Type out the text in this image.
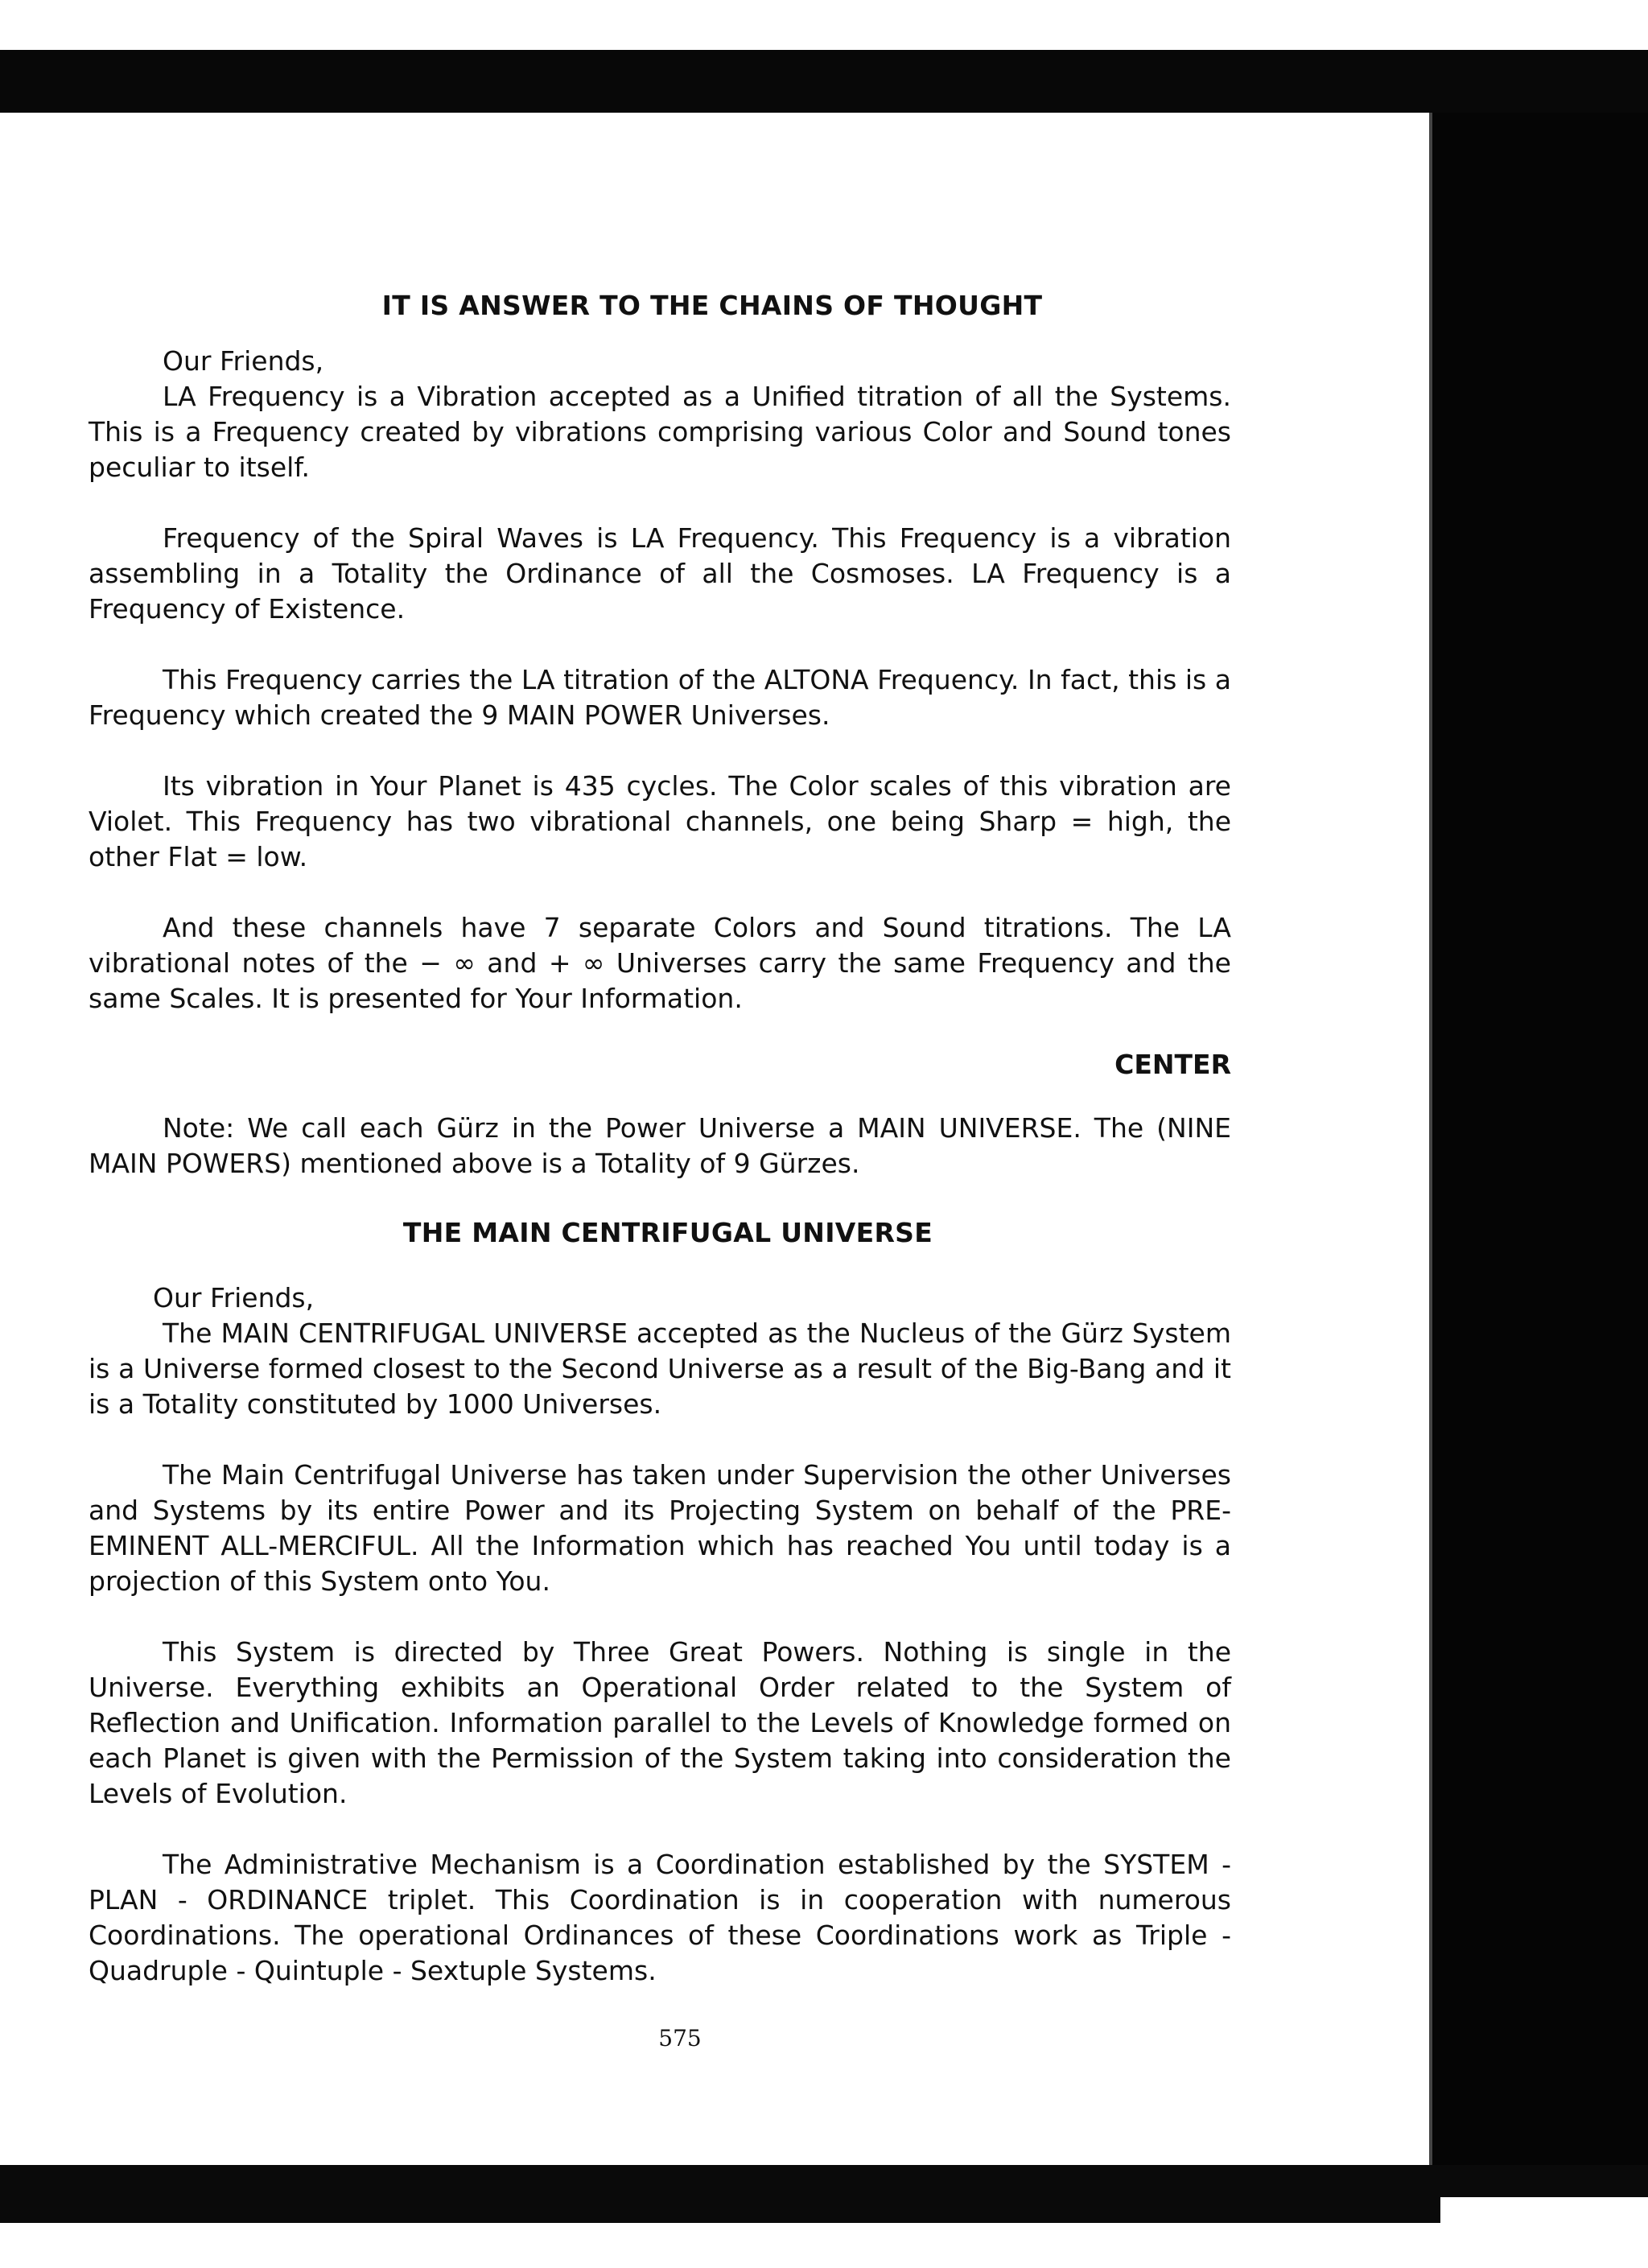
IT IS ANSWER TO THE CHAINS OF THOUGHT
Our Friends,

LA Frequency is a Vibration accepted as a Unified titration of all the Systems. This is a Frequency created by vibrations comprising various Color and Sound tones peculiar to itself.

Frequency of the Spiral Waves is LA Frequency. This Frequency is a vibration assembling in a Totality the Ordinance of all the Cosmoses. LA Frequency is a Frequency of Existence.

This Frequency carries the LA titration of the ALTONA Frequency. In fact, this is a Frequency which created the 9 MAIN POWER Universes.

Its vibration in Your Planet is 435 cycles. The Color scales of this vibration are Violet. This Frequency has two vibrational channels, one being Sharp = high, the other Flat = low.

And these channels have 7 separate Colors and Sound titrations. The LA vibrational notes of the − ∞ and + ∞ Universes carry the same Frequency and the same Scales. It is presented for Your Information.

CENTER

Note: We call each Gürz in the Power Universe a MAIN UNIVERSE. The (NINE MAIN POWERS) mentioned above is a Totality of 9 Gürzes.

THE MAIN CENTRIFUGAL UNIVERSE
Our Friends,

The MAIN CENTRIFUGAL UNIVERSE accepted as the Nucleus of the Gürz System is a Universe formed closest to the Second Universe as a result of the Big-Bang and it is a Totality constituted by 1000 Universes.

The Main Centrifugal Universe has taken under Supervision the other Universes and Systems by its entire Power and its Projecting System on behalf of the PRE-EMINENT ALL-MERCIFUL. All the Information which has reached You until today is a projection of this System onto You.

This System is directed by Three Great Powers. Nothing is single in the Universe. Everything exhibits an Operational Order related to the System of Reflection and Unification. Information parallel to the Levels of Knowledge formed on each Planet is given with the Permission of the System taking into consideration the Levels of Evolution.

The Administrative Mechanism is a Coordination established by the SYSTEM - PLAN - ORDINANCE triplet. This Coordination is in cooperation with numerous Coordinations. The operational Ordinances of these Coordinations work as Triple - Quadruple - Quintuple - Sextuple Systems.

575
